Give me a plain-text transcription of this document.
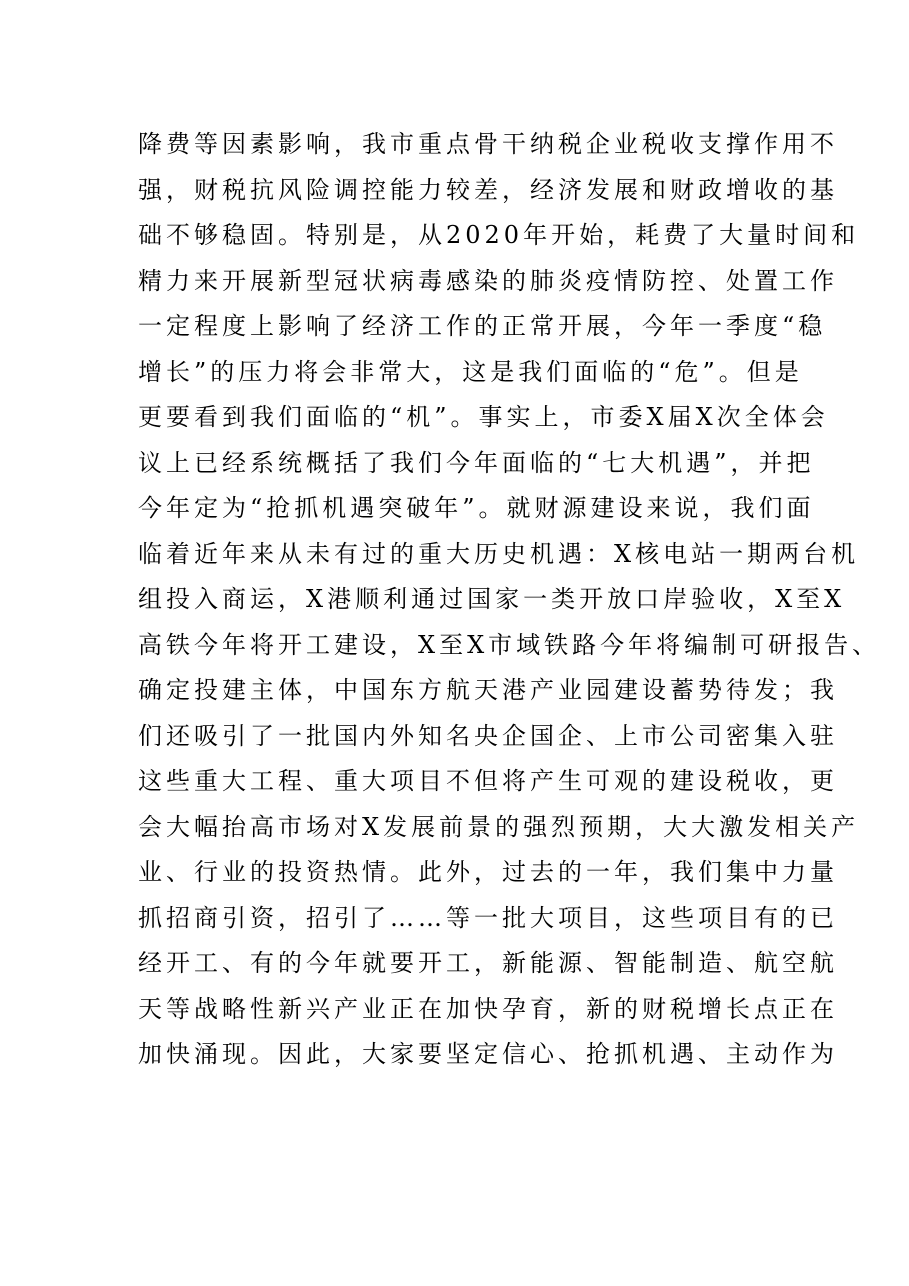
降费等因素影响，我市重点骨干纳税企业税收支撑作用不
强，财税抗风险调控能力较差，经济发展和财政增收的基
础不够稳固。特别是，从2020年开始，耗费了大量时间和
精力来开展新型冠状病毒感染的肺炎疫情防控、处置工作
一定程度上影响了经济工作的正常开展，今年一季度“稳
增长”的压力将会非常大，这是我们面临的“危”。但是
更要看到我们面临的“机”。事实上，市委X届X次全体会
议上已经系统概括了我们今年面临的“七大机遇”，并把
今年定为“抢抓机遇突破年”。就财源建设来说，我们面
临着近年来从未有过的重大历史机遇：X核电站一期两台机
组投入商运，X港顺利通过国家一类开放口岸验收，X至X
高铁今年将开工建设，X至X市域铁路今年将编制可研报告、
确定投建主体，中国东方航天港产业园建设蓄势待发；我
们还吸引了一批国内外知名央企国企、上市公司密集入驻
这些重大工程、重大项目不但将产生可观的建设税收，更
会大幅抬高市场对X发展前景的强烈预期，大大激发相关产
业、行业的投资热情。此外，过去的一年，我们集中力量
抓招商引资，招引了……等一批大项目，这些项目有的已
经开工、有的今年就要开工，新能源、智能制造、航空航
天等战略性新兴产业正在加快孕育，新的财税增长点正在
加快涌现。因此，大家要坚定信心、抢抓机遇、主动作为
